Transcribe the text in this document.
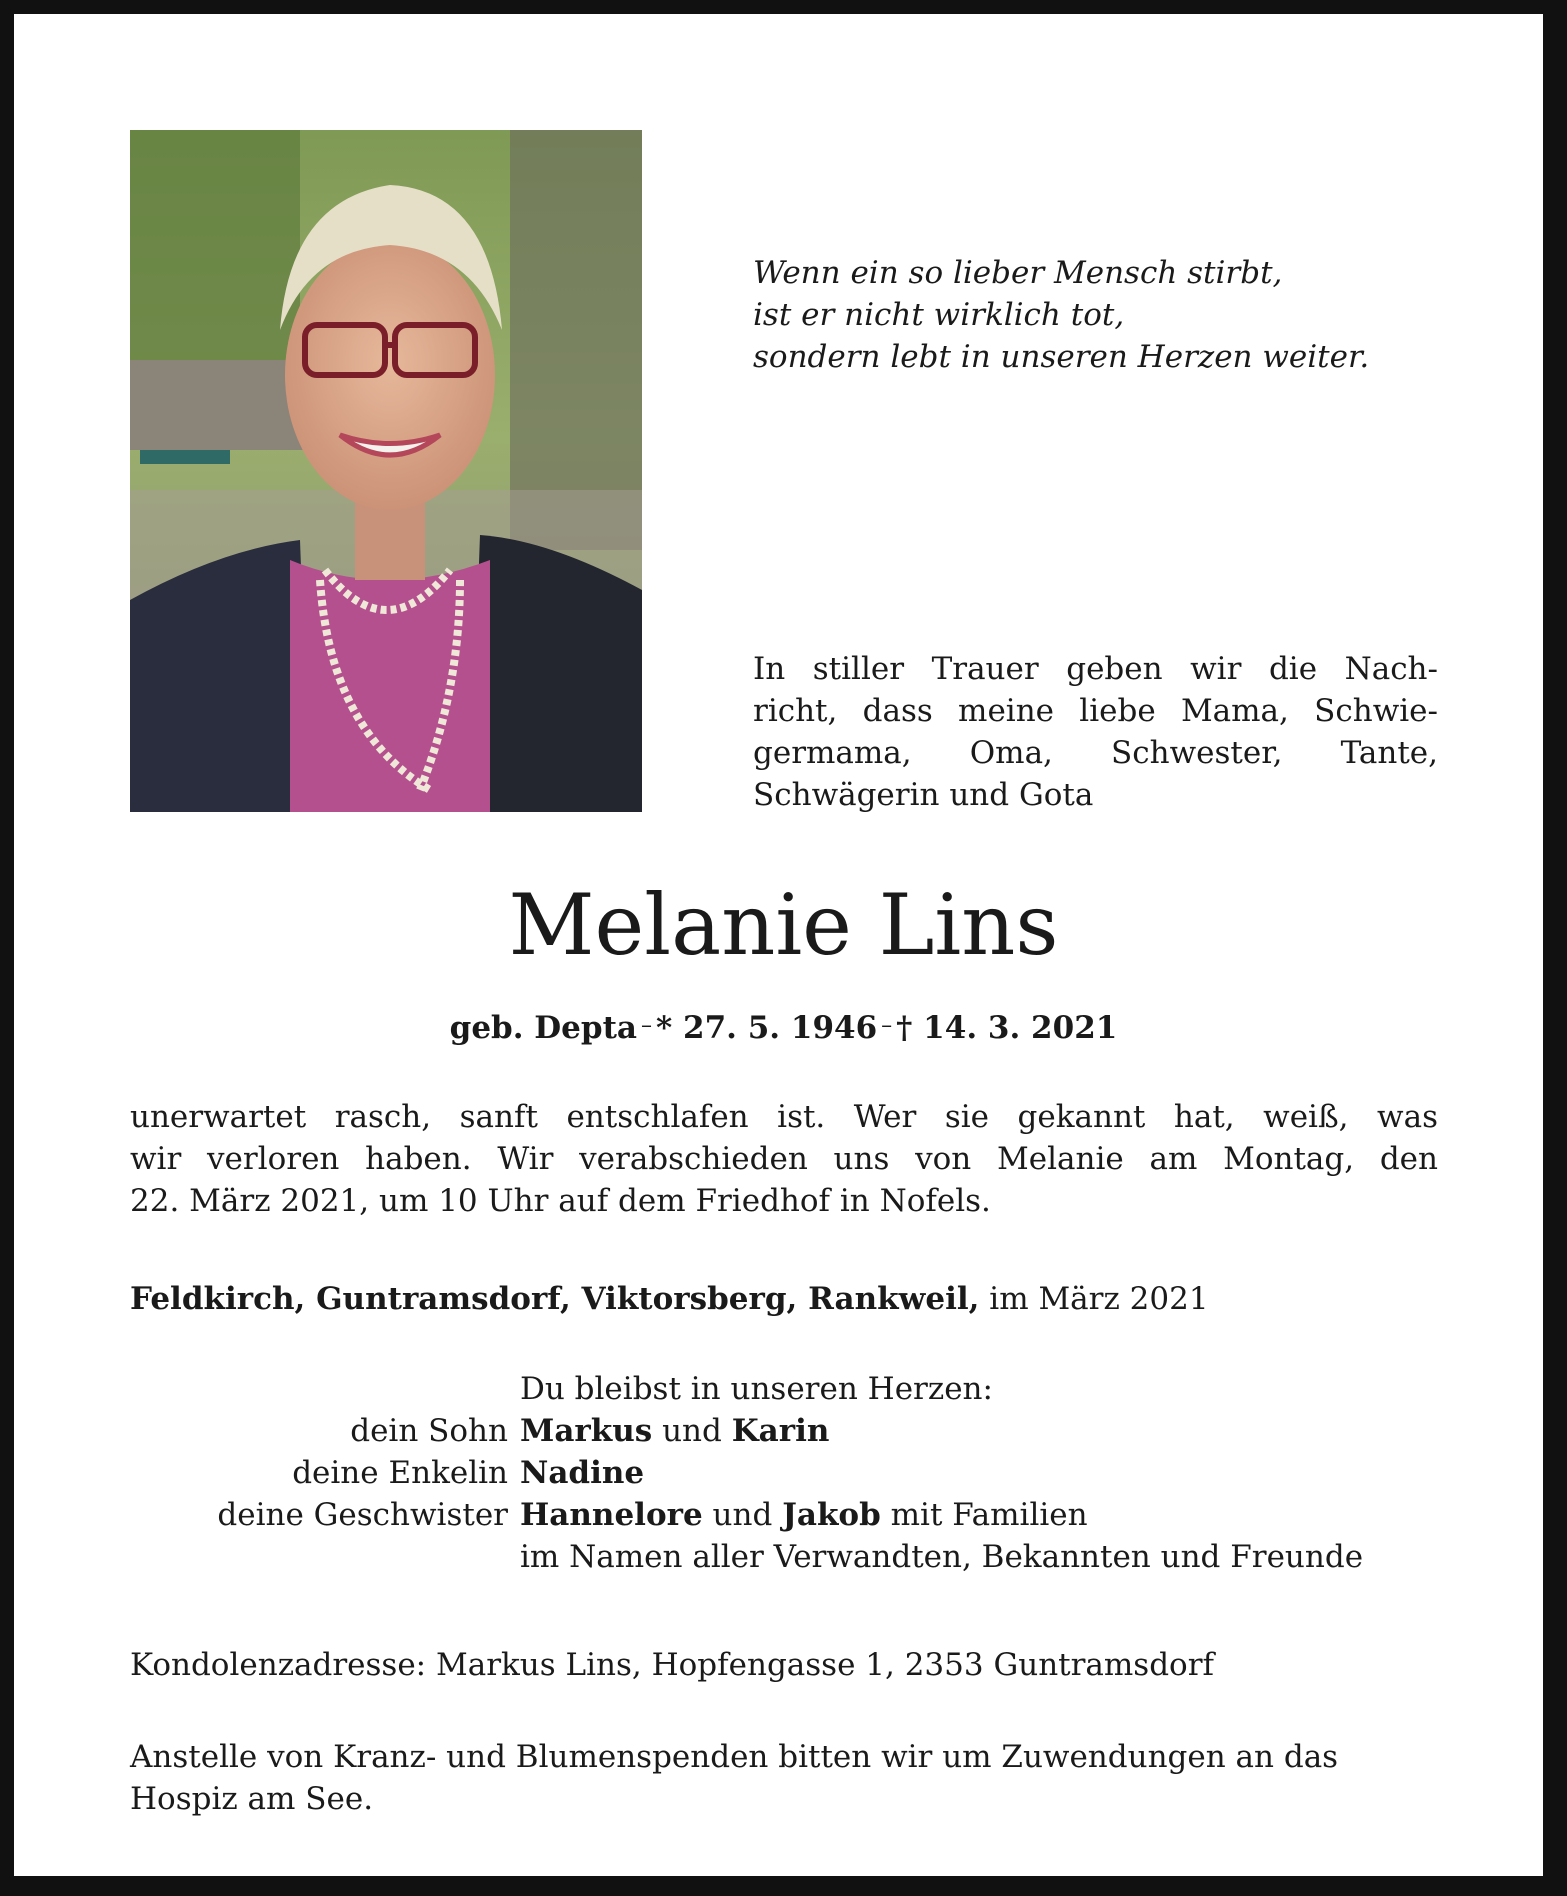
Wenn ein so lieber Mensch stirbt,
ist er nicht wirklich tot,
sondern lebt in unseren Herzen weiter.
In stiller Trauer geben wir die Nach-
richt, dass meine liebe Mama, Schwie-
germama, Oma, Schwester, Tante,
Schwägerin und Gota
Melanie Lins
geb. Depta – * 27. 5. 1946 – † 14. 3. 2021
unerwartet rasch, sanft entschlafen ist. Wer sie gekannt hat, weiß, was
wir verloren haben. Wir verabschieden uns von Melanie am Montag, den
22. März 2021, um 10 Uhr auf dem Friedhof in Nofels.
Feldkirch, Guntramsdorf, Viktorsberg, Rankweil, im März 2021
Du bleibst in unseren Herzen:
dein Sohn Markus und Karin
deine Enkelin Nadine
deine Geschwister Hannelore und Jakob mit Familien
im Namen aller Verwandten, Bekannten und Freunde
Kondolenzadresse: Markus Lins, Hopfengasse 1, 2353 Guntramsdorf
Anstelle von Kranz- und Blumenspenden bitten wir um Zuwendungen an das
Hospiz am See.
